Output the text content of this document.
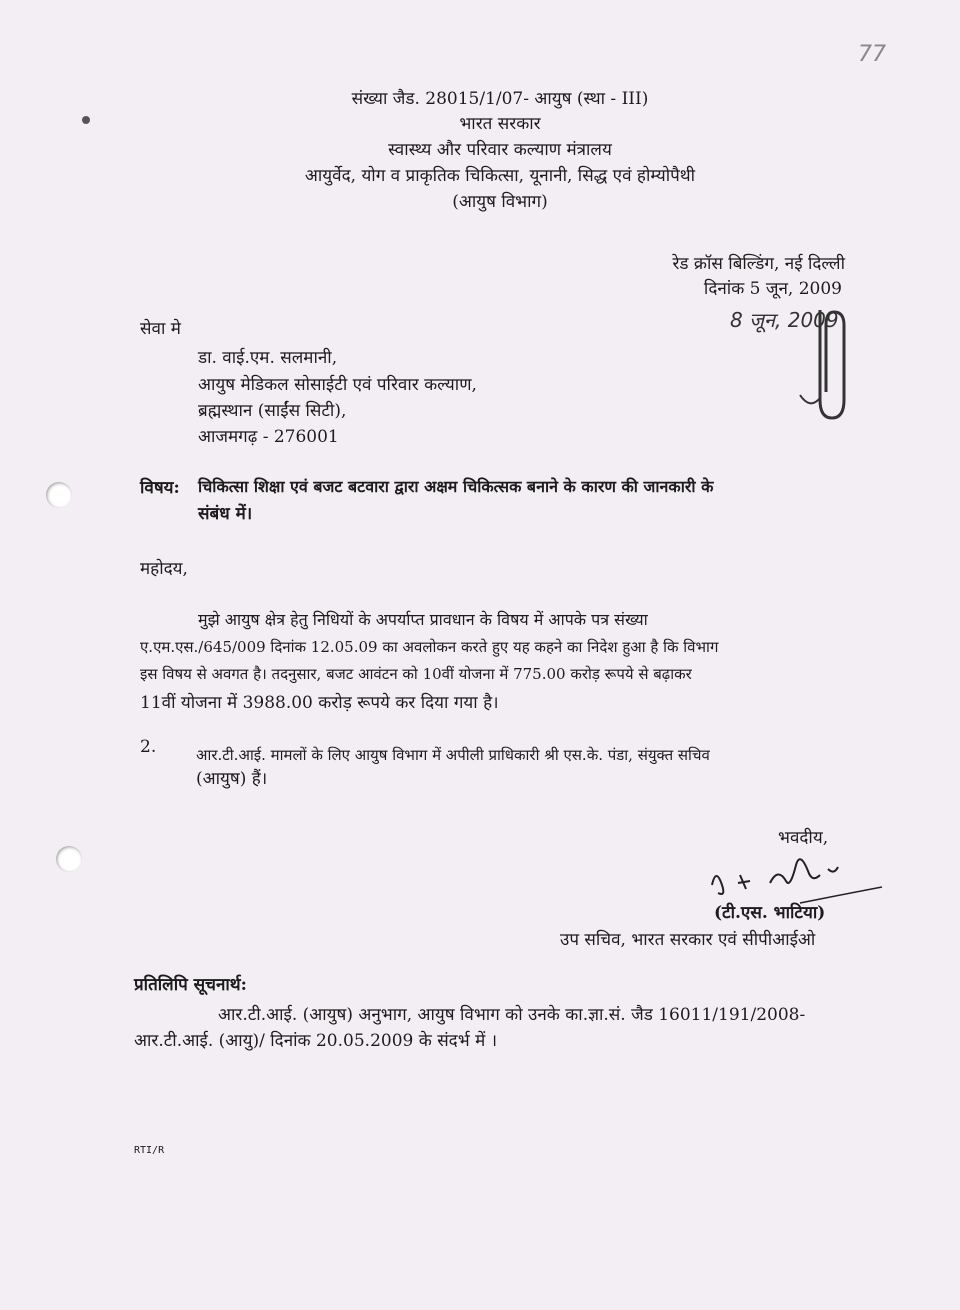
77
संख्या जैड. 28015/1/07- आयुष (स्था - III)
भारत सरकार
स्वास्थ्य और परिवार कल्याण मंत्रालय
आयुर्वेद, योग व प्राकृतिक चिकित्सा, यूनानी, सिद्ध एवं होम्योपैथी
(आयुष विभाग)
रेड क्रॉस बिल्डिंग, नई दिल्ली
दिनांक 5 जून, 2009
8 जून, 2009
सेवा मे
डा. वाई.एम. सलमानी,
आयुष मेडिकल सोसाईटी एवं परिवार कल्याण,
ब्रह्मस्थान (साईंस सिटी),
आजमगढ़ - 276001
विषय: चिकित्सा शिक्षा एवं बजट बटवारा द्वारा अक्षम चिकित्सक बनाने के कारण की जानकारी के
संबंध में।
महोदय,
मुझे आयुष क्षेत्र हेतु निधियों के अपर्याप्त प्रावधान के विषय में आपके पत्र संख्या
ए.एम.एस./645/009 दिनांक 12.05.09 का अवलोकन करते हुए यह कहने का निदेश हुआ है कि विभाग
इस विषय से अवगत है। तदनुसार, बजट आवंटन को 10वीं योजना में 775.00 करोड़ रूपये से बढ़ाकर
11वीं योजना में 3988.00 करोड़ रूपये कर दिया गया है।
2.	आर.टी.आई. मामलों के लिए आयुष विभाग में अपीली प्राधिकारी श्री एस.के. पंडा, संयुक्त सचिव
(आयुष) हैं।
भवदीय,
(टी.एस. भाटिया)
उप सचिव, भारत सरकार एवं सीपीआईओ
प्रतिलिपि सूचनार्थ:
आर.टी.आई. (आयुष) अनुभाग, आयुष विभाग को उनके का.ज्ञा.सं. जैड 16011/191/2008-
आर.टी.आई. (आयु)/ दिनांक 20.05.2009 के संदर्भ में ।
RTI/R
